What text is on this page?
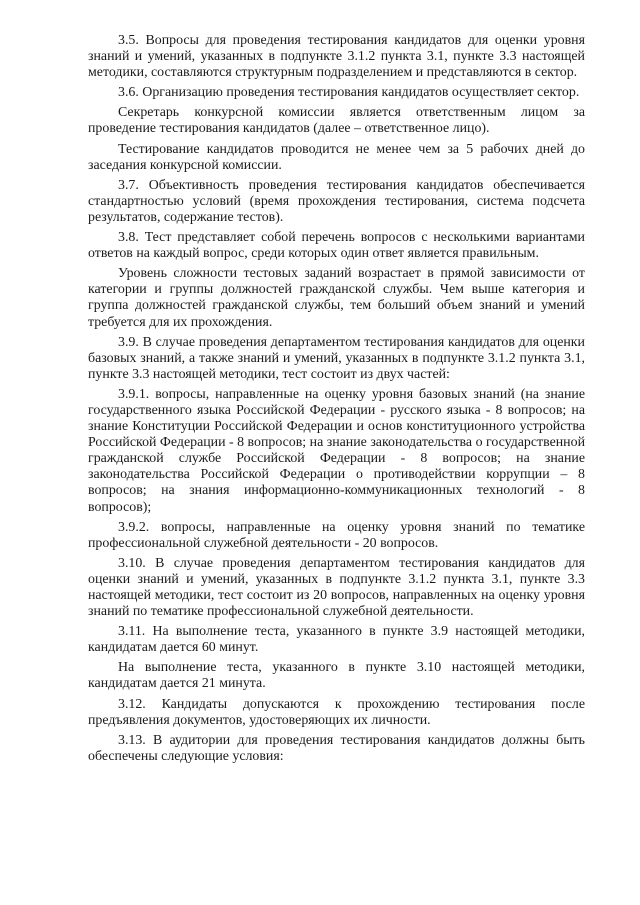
3.5. Вопросы для проведения тестирования кандидатов для оценки уровня знаний и умений, указанных в подпункте 3.1.2 пункта 3.1, пункте 3.3 настоящей методики, составляются структурным подразделением и представляются в сектор.

3.6. Организацию проведения тестирования кандидатов осуществляет сектор.

Секретарь конкурсной комиссии является ответственным лицом за проведение тестирования кандидатов (далее – ответственное лицо).

Тестирование кандидатов проводится не менее чем за 5 рабочих дней до заседания конкурсной комиссии.

3.7. Объективность проведения тестирования кандидатов обеспечивается стандартностью условий (время прохождения тестирования, система подсчета результатов, содержание тестов).

3.8. Тест представляет собой перечень вопросов с несколькими вариантами ответов на каждый вопрос, среди которых один ответ является правильным.

Уровень сложности тестовых заданий возрастает в прямой зависимости от категории и группы должностей гражданской службы. Чем выше категория и группа должностей гражданской службы, тем больший объем знаний и умений требуется для их прохождения.

3.9. В случае проведения департаментом тестирования кандидатов для оценки базовых знаний, а также знаний и умений, указанных в подпункте 3.1.2 пункта 3.1, пункте 3.3 настоящей методики, тест состоит из двух частей:

3.9.1. вопросы, направленные на оценку уровня базовых знаний (на знание государственного языка Российской Федерации - русского языка - 8 вопросов; на знание Конституции Российской Федерации и основ конституционного устройства Российской Федерации - 8 вопросов; на знание законодательства о государственной гражданской службе Российской Федерации - 8 вопросов; на знание законодательства Российской Федерации о противодействии коррупции – 8 вопросов; на знания информационно-коммуникационных технологий - 8 вопросов);

3.9.2. вопросы, направленные на оценку уровня знаний по тематике профессиональной служебной деятельности - 20 вопросов.

3.10. В случае проведения департаментом тестирования кандидатов для оценки знаний и умений, указанных в подпункте 3.1.2 пункта 3.1, пункте 3.3 настоящей методики, тест состоит из 20 вопросов, направленных на оценку уровня знаний по тематике профессиональной служебной деятельности.

3.11. На выполнение теста, указанного в пункте 3.9 настоящей методики, кандидатам дается 60 минут.

На выполнение теста, указанного в пункте 3.10 настоящей методики, кандидатам дается 21 минута.

3.12. Кандидаты допускаются к прохождению тестирования после предъявления документов, удостоверяющих их личности.

3.13. В аудитории для проведения тестирования кандидатов должны быть обеспечены следующие условия:
